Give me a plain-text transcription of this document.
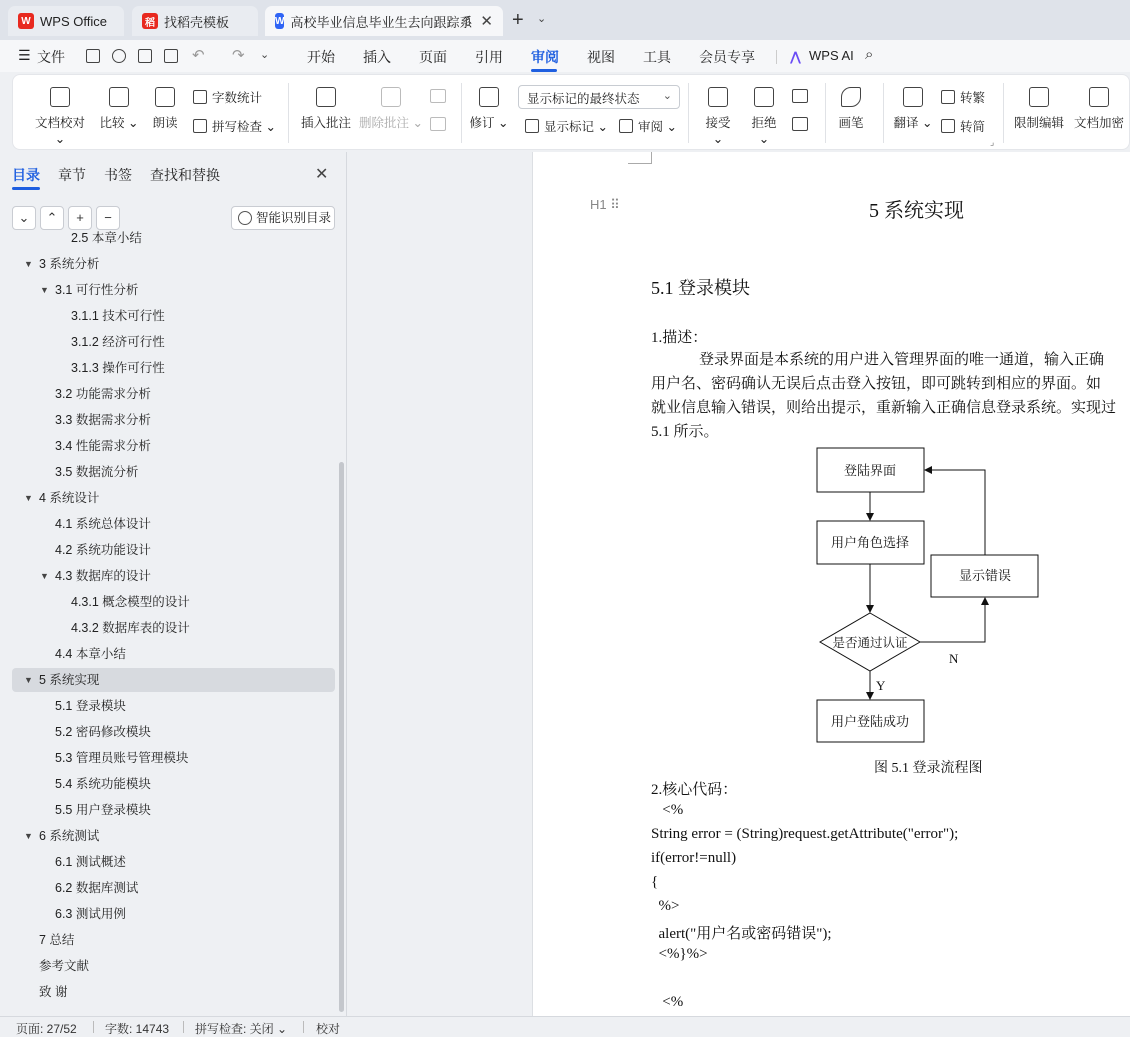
W WPS Office	稻 找稻壳模板	W 高校毕业信息毕业生去向跟踪系 ✕ + ⌄
☰ 文件	↶ ↷ ⌄	开始 插入 页面 引用 审阅 视图 工具 会员专享	⋀ WPS AI ⌕
文档校对 ⌄
比较 ⌄ 朗读
字数统计
拼写检查 ⌄ 插入批注 删除批注 ⌄	修订 ⌄
显示标记的最终状态 ⌄
显示标记 ⌄ 审阅 ⌄	接受 ⌄
拒绝 ⌄
画笔 翻译 ⌄
转繁
转简
⌟
限制编辑 文档加密
目录 章节 书签 查找和替换	✕
⌄	⌃	+	−	智能识别目录
2.5 本章小结
▼ 3 系统分析
▼ 3.1 可行性分析
3.1.1 技术可行性
3.1.2 经济可行性
3.1.3 操作可行性
3.2 功能需求分析
3.3 数据需求分析
3.4 性能需求分析
3.5 数据流分析
▼ 4 系统设计
4.1 系统总体设计
4.2 系统功能设计
▼ 4.3 数据库的设计
4.3.1 概念模型的设计
4.3.2 数据库表的设计
4.4 本章小结
▼ 5 系统实现
5.1 登录模块
5.2 密码修改模块
5.3 管理员账号管理模块
5.4 系统功能模块
5.5 用户登录模块
▼ 6 系统测试
6.1 测试概述
6.2 数据库测试
6.3 测试用例
7 总结
参考文献
致 谢
H1 ⠿	5 系统实现
5.1 登录模块
1.描述：
登录界面是本系统的用户进入管理界面的唯一通道，输入正确
用户名、密码确认无误后点击登入按钮，即可跳转到相应的界面。如
就业信息输入错误，则给出提示，重新输入正确信息登录系统。实现过
5.1 所示。
登陆界面
用户角色选择
显示错误
是否通过认证
用户登陆成功
N
Y
图 5.1 登录流程图
2.核心代码：
<%
String error = (String)request.getAttribute("error");
if(error!=null)
{
%>
alert("用户名或密码错误");
<%}%>
<%
页面: 27/52 字数: 14743 拼写检查: 关闭 ⌄ 校对
